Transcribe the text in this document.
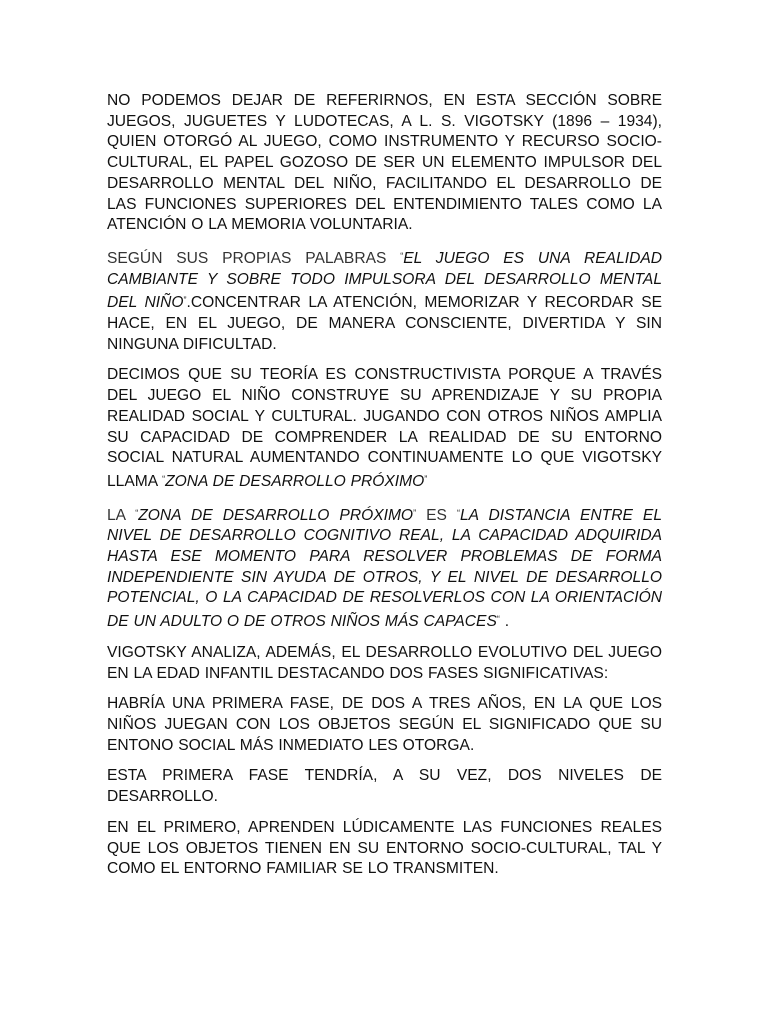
NO PODEMOS DEJAR DE REFERIRNOS, EN ESTA SECCIÓN SOBRE JUEGOS, JUGUETES Y LUDOTECAS, A L. S. VIGOTSKY (1896 – 1934), QUIEN OTORGÓ AL JUEGO, COMO INSTRUMENTO Y RECURSO SOCIO-CULTURAL, EL PAPEL GOZOSO DE SER UN ELEMENTO IMPULSOR DEL DESARROLLO MENTAL DEL NIÑO, FACILITANDO EL DESARROLLO DE LAS FUNCIONES SUPERIORES DEL ENTENDIMIENTO TALES COMO LA ATENCIÓN O LA MEMORIA VOLUNTARIA.

SEGÚN SUS PROPIAS PALABRAS “EL JUEGO ES UNA REALIDAD CAMBIANTE Y SOBRE TODO IMPULSORA DEL DESARROLLO MENTAL DEL NIÑO”.CONCENTRAR LA ATENCIÓN, MEMORIZAR Y RECORDAR SE HACE, EN EL JUEGO, DE MANERA CONSCIENTE, DIVERTIDA Y SIN NINGUNA DIFICULTAD.

DECIMOS QUE SU TEORÍA ES CONSTRUCTIVISTA PORQUE A TRAVÉS DEL JUEGO EL NIÑO CONSTRUYE SU APRENDIZAJE Y SU PROPIA REALIDAD SOCIAL Y CULTURAL. JUGANDO CON OTROS NIÑOS AMPLIA SU CAPACIDAD DE COMPRENDER LA REALIDAD DE SU ENTORNO SOCIAL NATURAL AUMENTANDO CONTINUAMENTE LO QUE VIGOTSKY LLAMA “ZONA DE DESARROLLO PRÓXIMO”

LA “ZONA DE DESARROLLO PRÓXIMO” ES “LA DISTANCIA ENTRE EL NIVEL DE DESARROLLO COGNITIVO REAL, LA CAPACIDAD ADQUIRIDA HASTA ESE MOMENTO PARA RESOLVER PROBLEMAS DE FORMA INDEPENDIENTE SIN AYUDA DE OTROS, Y EL NIVEL DE DESARROLLO POTENCIAL, O LA CAPACIDAD DE RESOLVERLOS CON LA ORIENTACIÓN DE UN ADULTO O DE OTROS NIÑOS MÁS CAPACES“ .

VIGOTSKY ANALIZA, ADEMÁS, EL DESARROLLO EVOLUTIVO DEL JUEGO EN LA EDAD INFANTIL DESTACANDO DOS FASES SIGNIFICATIVAS:

HABRÍA UNA PRIMERA FASE, DE DOS A TRES AÑOS, EN LA QUE LOS NIÑOS JUEGAN CON LOS OBJETOS SEGÚN EL SIGNIFICADO QUE SU ENTONO SOCIAL MÁS INMEDIATO LES OTORGA.

ESTA PRIMERA FASE TENDRÍA, A SU VEZ, DOS NIVELES DE DESARROLLO.

EN EL PRIMERO, APRENDEN LÚDICAMENTE LAS FUNCIONES REALES QUE LOS OBJETOS TIENEN EN SU ENTORNO SOCIO-CULTURAL, TAL Y COMO EL ENTORNO FAMILIAR SE LO TRANSMITEN.
